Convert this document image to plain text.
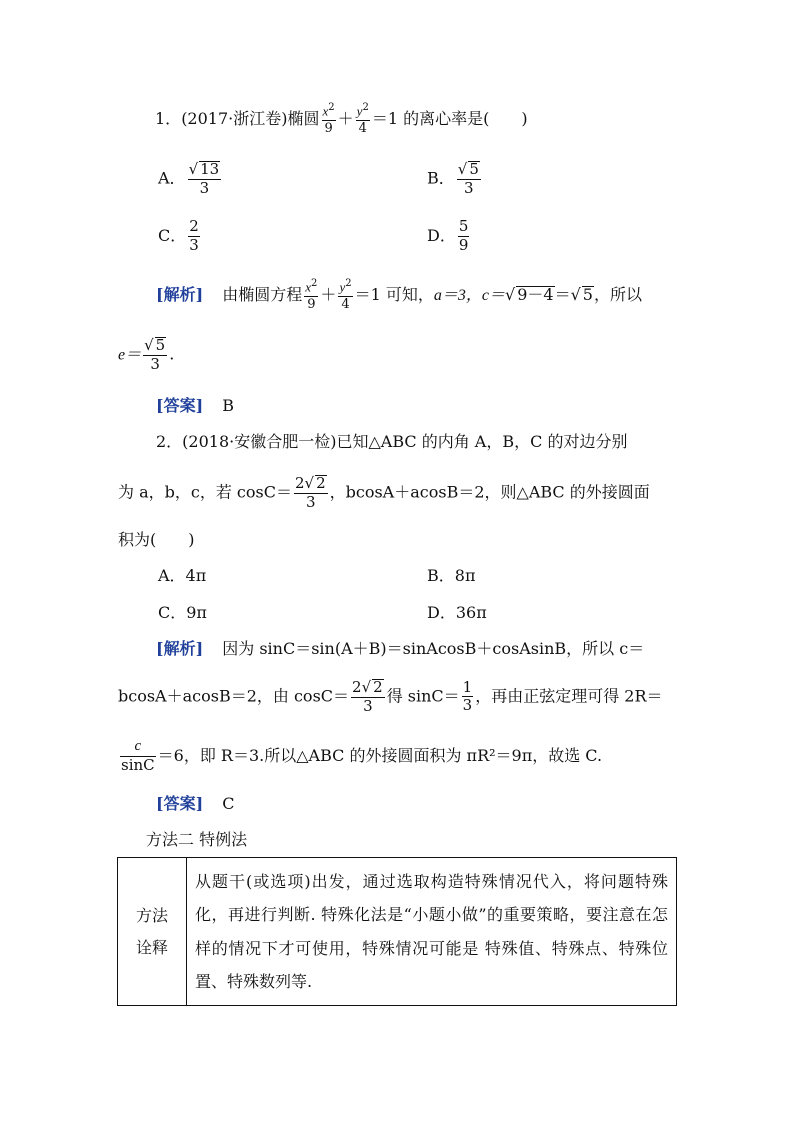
1．(2017·浙江卷)椭圆 $\frac{x^2}{9} + \frac{y^2}{4} =1$ 的离心率是(　　)
A． √ $\frac{13}{3}$	B． √ $\frac{5}{3}$
C． $\frac{2}{3}$	D． $\frac{5}{9}$
[解析] 由椭圆方程 $\frac{x^2}{9} + \frac{y^2}{4} =1$ 可知，a＝3，c＝ √ 9－4＝ √ 5，所以
e＝ √ $\frac{5}{3}$ .
[答案] B
2．(2018·安徽合肥一检)已知△ABC 的内角 A，B，C 的对边分别
为 a，b，c，若 $\cos C= \frac{2 √ 2}{3}$ ，bcosA＋acosB＝2，则△ABC 的外接圆面
积为(　　)
A．4π	B．8π
C．9π	D．36π
[解析] 因为 sinC＝sin(A＋B)＝sinAcosB＋cosAsinB，所以 c＝
bcosA＋acosB＝2，由 $\cos C= \frac{2 √ 2}{3}$ 得 $\sin C= \frac{1}{3}$ ，再由正弦定理可得 2R＝
$\frac{c}{\sin C} =6$，即 R＝3.所以△ABC 的外接圆面积为 πR²＝9π，故选 C.
[答案] C
方法二 特例法
方法
诠释
	从题干(或选项)出发，通过选取构造特殊情况代入，将问题特殊化，再进行判断. 特殊化法是“小题小做”的重要策略，要注意在怎样的情况下才可使用，特殊情况可能是 特殊值、特殊点、特殊位置、特殊数列等.
